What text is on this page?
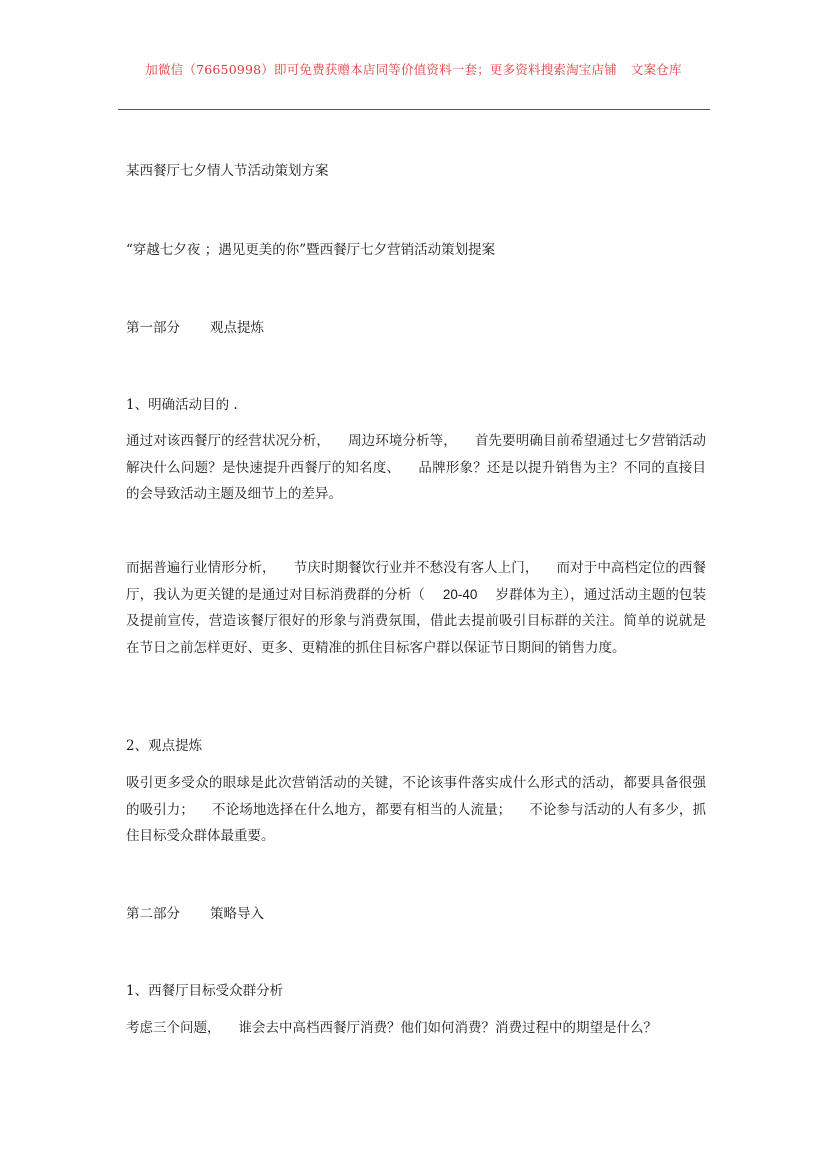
加微信（76650998）即可免费获赠本店同等价值资料一套；更多资料搜索淘宝店铺 文案仓库
某西餐厅七夕情人节活动策划方案
“穿越七夕夜 ；遇见更美的你”暨西餐厅七夕营销活动策划提案
第一部分 观点提炼
1、明确活动目的 .
通过对该西餐厅的经营状况分析， 周边环境分析等， 首先要明确目前希望通过七夕营销活动解决什么问题？是快速提升西餐厅的知名度、 品牌形象？还是以提升销售为主？不同的直接目的会导致活动主题及细节上的差异。
而据普遍行业情形分析， 节庆时期餐饮行业并不愁没有客人上门， 而对于中高档定位的西餐厅，我认为更关键的是通过对目标消费群的分析（ 20-40 岁群体为主），通过活动主题的包装及提前宣传，营造该餐厅很好的形象与消费氛围，借此去提前吸引目标群的关注。简单的说就是在节日之前怎样更好、更多、更精准的抓住目标客户群以保证节日期间的销售力度。
2、观点提炼
吸引更多受众的眼球是此次营销活动的关键，不论该事件落实成什么形式的活动，都要具备很强的吸引力； 不论场地选择在什么地方，都要有相当的人流量； 不论参与活动的人有多少，抓住目标受众群体最重要。
第二部分 策略导入
1、西餐厅目标受众群分析
考虑三个问题， 谁会去中高档西餐厅消费？他们如何消费？消费过程中的期望是什么？
